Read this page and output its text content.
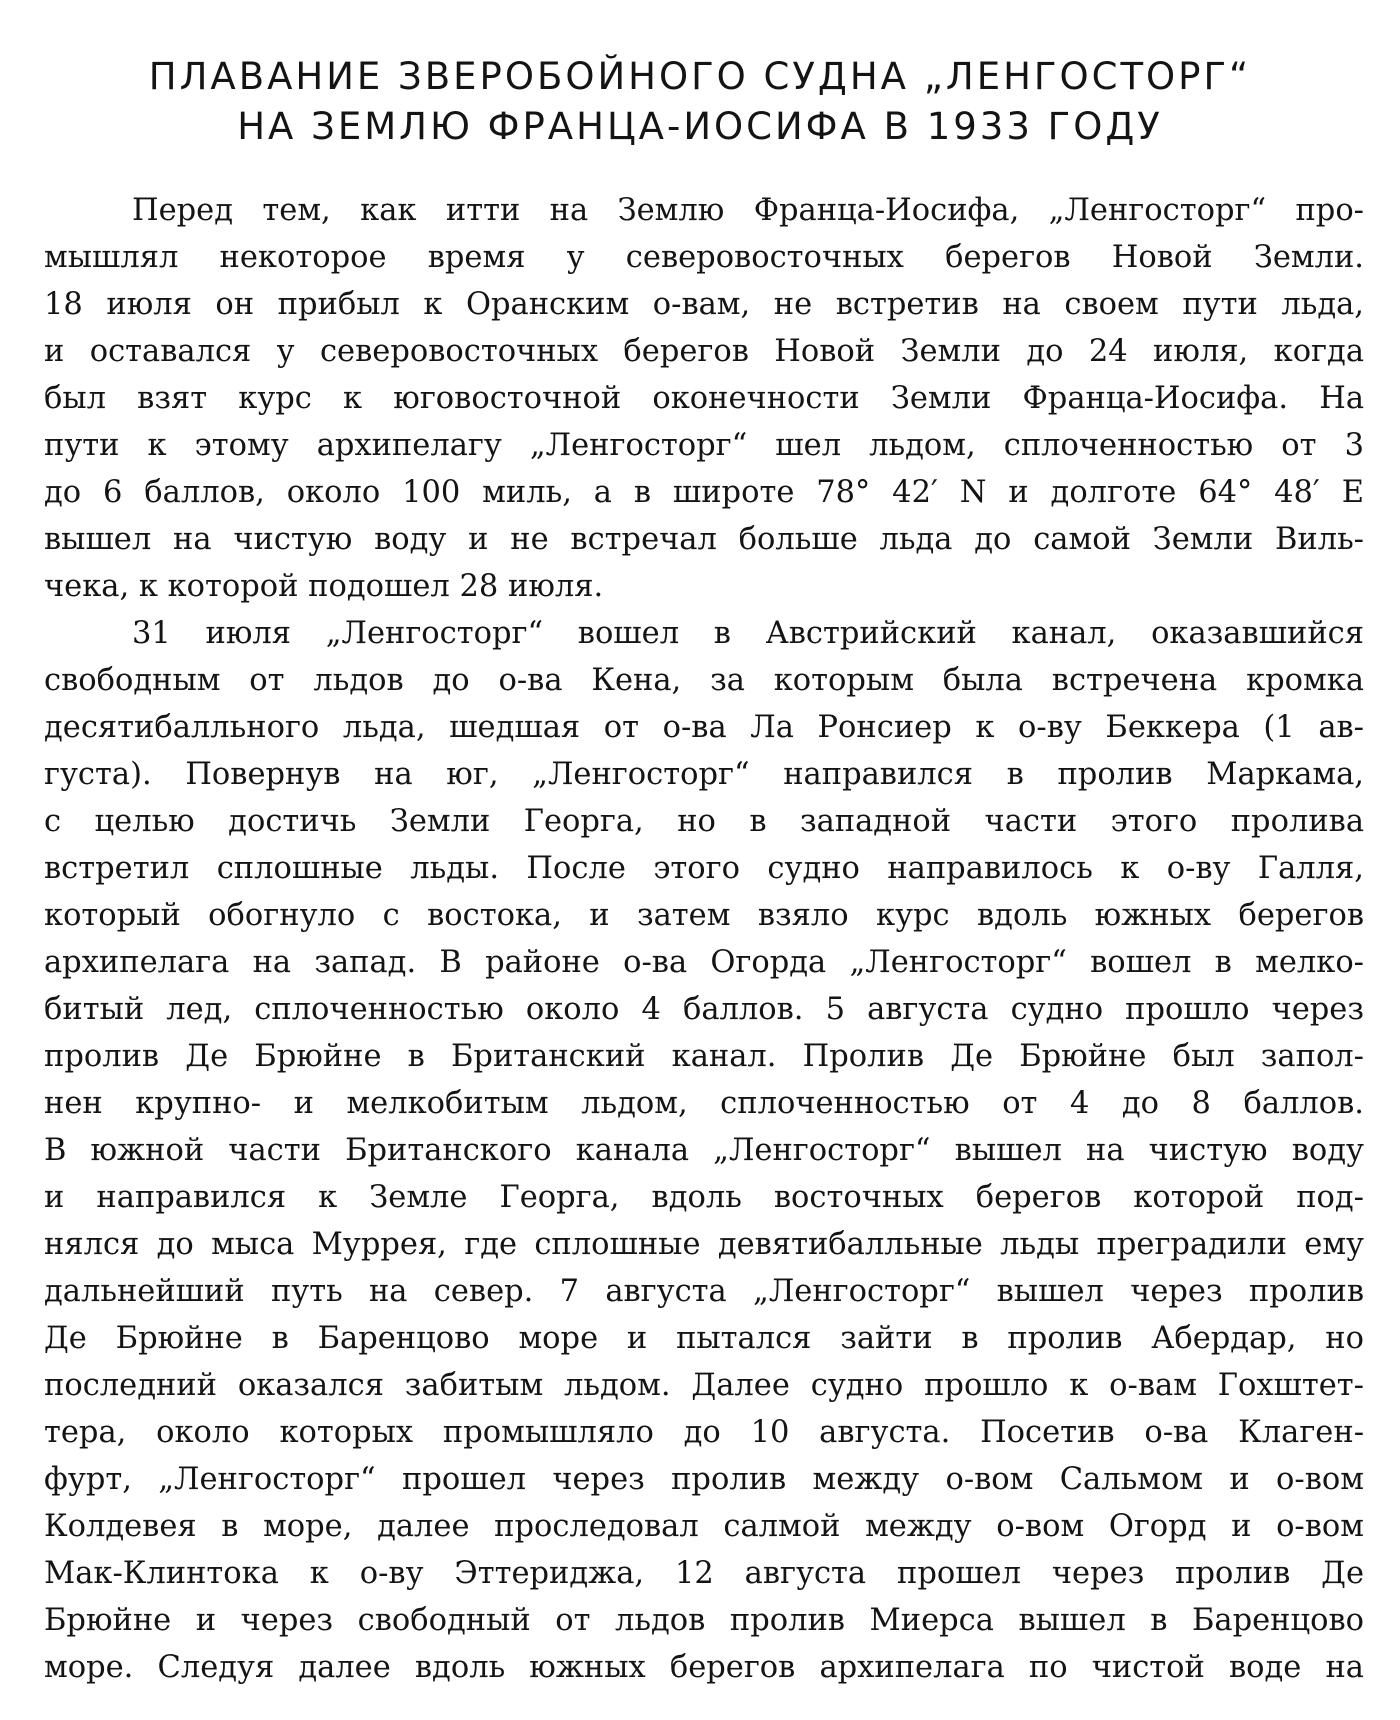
ПЛАВАНИЕ ЗВЕРОБОЙНОГО СУДНА „ЛЕНГОСТОРГ“
НА ЗЕМЛЮ ФРАНЦА-ИОСИФА В 1933 ГОДУ
Перед тем, как итти на Землю Франца-Иосифа, „Ленгосторг“ про-
мышлял некоторое время у северовосточных берегов Новой Земли.
18 июля он прибыл к Оранским о-вам, не встретив на своем пути льда,
и оставался у северовосточных берегов Новой Земли до 24 июля, когда
был взят курс к юговосточной оконечности Земли Франца-Иосифа. На
пути к этому архипелагу „Ленгосторг“ шел льдом, сплоченностью от 3
до 6 баллов, около 100 миль, а в широте 78° 42′ N и долготе 64° 48′ E
вышел на чистую воду и не встречал больше льда до самой Земли Виль-
чека, к которой подошел 28 июля.
31 июля „Ленгосторг“ вошел в Австрийский канал, оказавшийся
свободным от льдов до о-ва Кена, за которым была встречена кромка
десятибалльного льда, шедшая от о-ва Ла Ронсиер к о-ву Беккера (1 ав-
густа). Повернув на юг, „Ленгосторг“ направился в пролив Маркама,
с целью достичь Земли Георга, но в западной части этого пролива
встретил сплошные льды. После этого судно направилось к о-ву Галля,
который обогнуло с востока, и затем взяло курс вдоль южных берегов
архипелага на запад. В районе о-ва Огорда „Ленгосторг“ вошел в мелко-
битый лед, сплоченностью около 4 баллов. 5 августа судно прошло через
пролив Де Брюйне в Британский канал. Пролив Де Брюйне был запол-
нен крупно- и мелкобитым льдом, сплоченностью от 4 до 8 баллов.
В южной части Британского канала „Ленгосторг“ вышел на чистую воду
и направился к Земле Георга, вдоль восточных берегов которой под-
нялся до мыса Муррея, где сплошные девятибалльные льды преградили ему
дальнейший путь на север. 7 августа „Ленгосторг“ вышел через пролив
Де Брюйне в Баренцово море и пытался зайти в пролив Абердар, но
последний оказался забитым льдом. Далее судно прошло к о-вам Гохштет-
тера, около которых промышляло до 10 августа. Посетив о-ва Клаген-
фурт, „Ленгосторг“ прошел через пролив между о-вом Сальмом и о-вом
Колдевея в море, далее проследовал салмой между о-вом Огорд и о-вом
Мак-Клинтока к о-ву Эттериджа, 12 августа прошел через пролив Де
Брюйне и через свободный от льдов пролив Миерса вышел в Баренцово
море. Следуя далее вдоль южных берегов архипелага по чистой воде на
